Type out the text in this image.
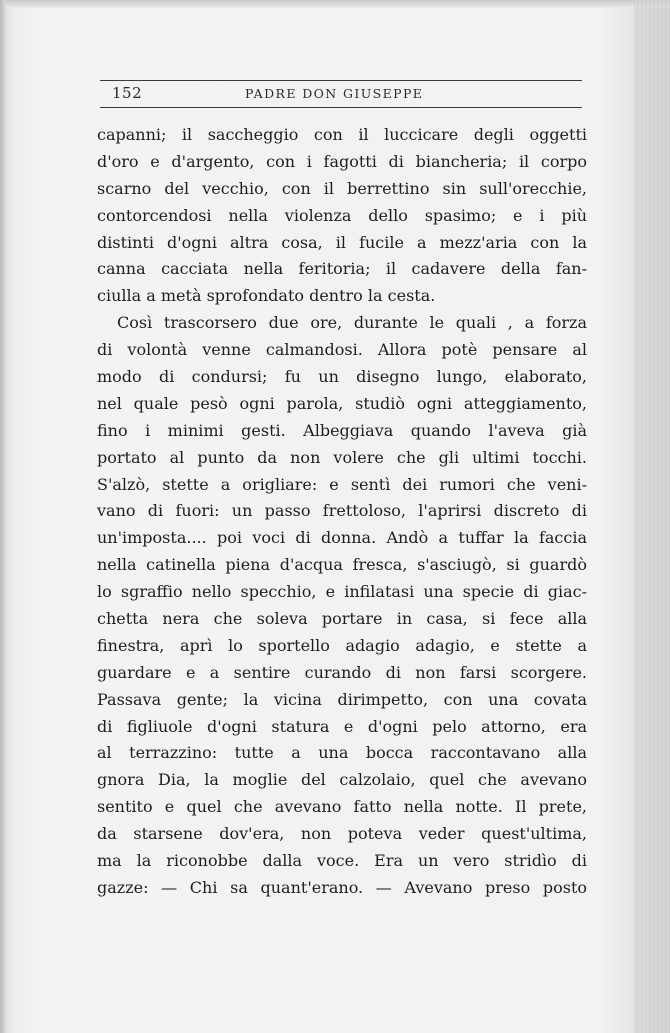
152	PADRE DON GIUSEPPE
capanni; il saccheggio con il luccicare degli oggetti
d'oro e d'argento, con i fagotti di biancheria; il corpo
scarno del vecchio, con il berrettino sin sull'orecchie,
contorcendosi nella violenza dello spasimo; e i più
distinti d'ogni altra cosa, il fucile a mezz'aria con la
canna cacciata nella feritoria; il cadavere della fan-
ciulla a metà sprofondato dentro la cesta.
Così trascorsero due ore, durante le quali , a forza
di volontà venne calmandosi. Allora potè pensare al
modo di condursi; fu un disegno lungo, elaborato,
nel quale pesò ogni parola, studiò ogni atteggiamento,
fino i minimi gesti. Albeggiava quando l'aveva già
portato al punto da non volere che gli ultimi tocchi.
S'alzò, stette a origliare: e sentì dei rumori che veni-
vano di fuori: un passo frettoloso, l'aprirsi discreto di
un'imposta.... poi voci di donna. Andò a tuffar la faccia
nella catinella piena d'acqua fresca, s'asciugò, si guardò
lo sgraffio nello specchio, e infilatasi una specie di giac-
chetta nera che soleva portare in casa, si fece alla
finestra, aprì lo sportello adagio adagio, e stette a
guardare e a sentire curando di non farsi scorgere.
Passava gente; la vicina dirimpetto, con una covata
di figliuole d'ogni statura e d'ogni pelo attorno, era
al terrazzino: tutte a una bocca raccontavano alla
gnora Dia, la moglie del calzolaio, quel che avevano
sentito e quel che avevano fatto nella notte. Il prete,
da starsene dov'era, non poteva veder quest'ultima,
ma la riconobbe dalla voce. Era un vero stridìo di
gazze: — Chi sa quant'erano. — Avevano preso posto
